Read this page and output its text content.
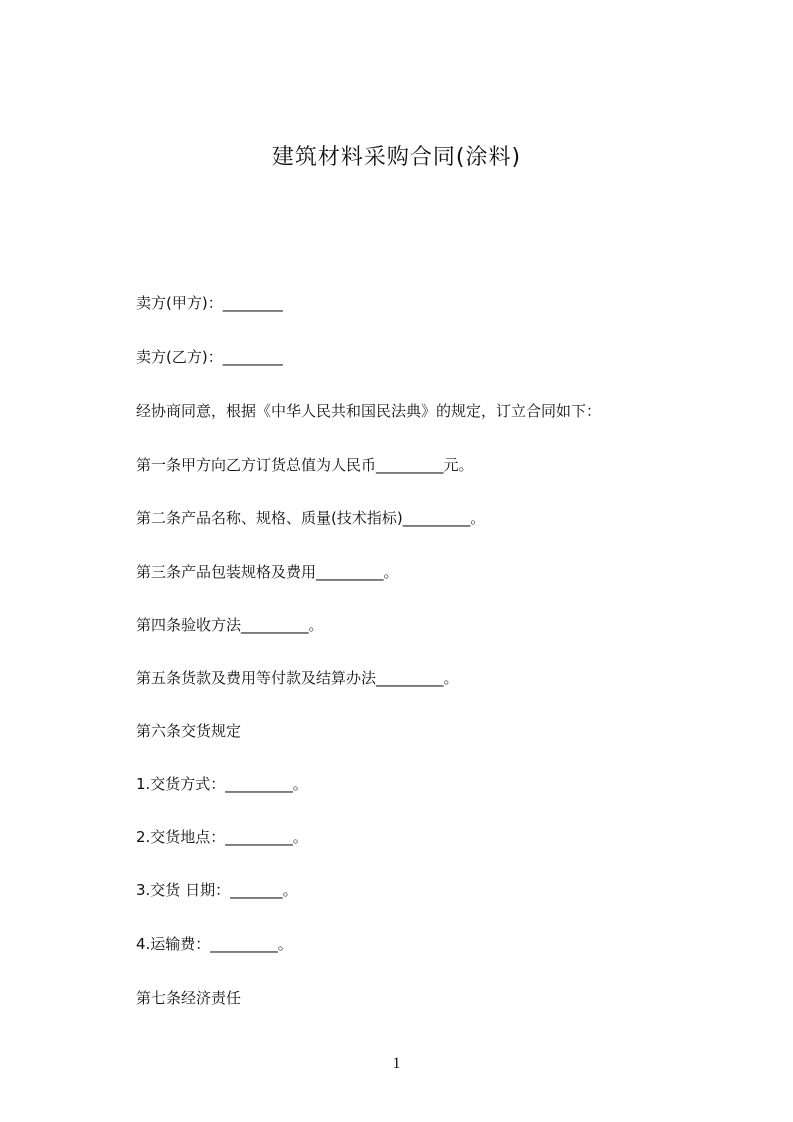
建筑材料采购合同(涂料)

卖方(甲方)：________

卖方(乙方)：________

经协商同意，根据《中华人民共和国民法典》的规定，订立合同如下：

第一条甲方向乙方订货总值为人民币_________元。

第二条产品名称、规格、质量(技术指标)_________。

第三条产品包装规格及费用_________。

第四条验收方法_________。

第五条货款及费用等付款及结算办法_________。

第六条交货规定

1.交货方式：_________。

2.交货地点：_________。

3.交货 日期：_______。

4.运输费：_________。

第七条经济责任

1
